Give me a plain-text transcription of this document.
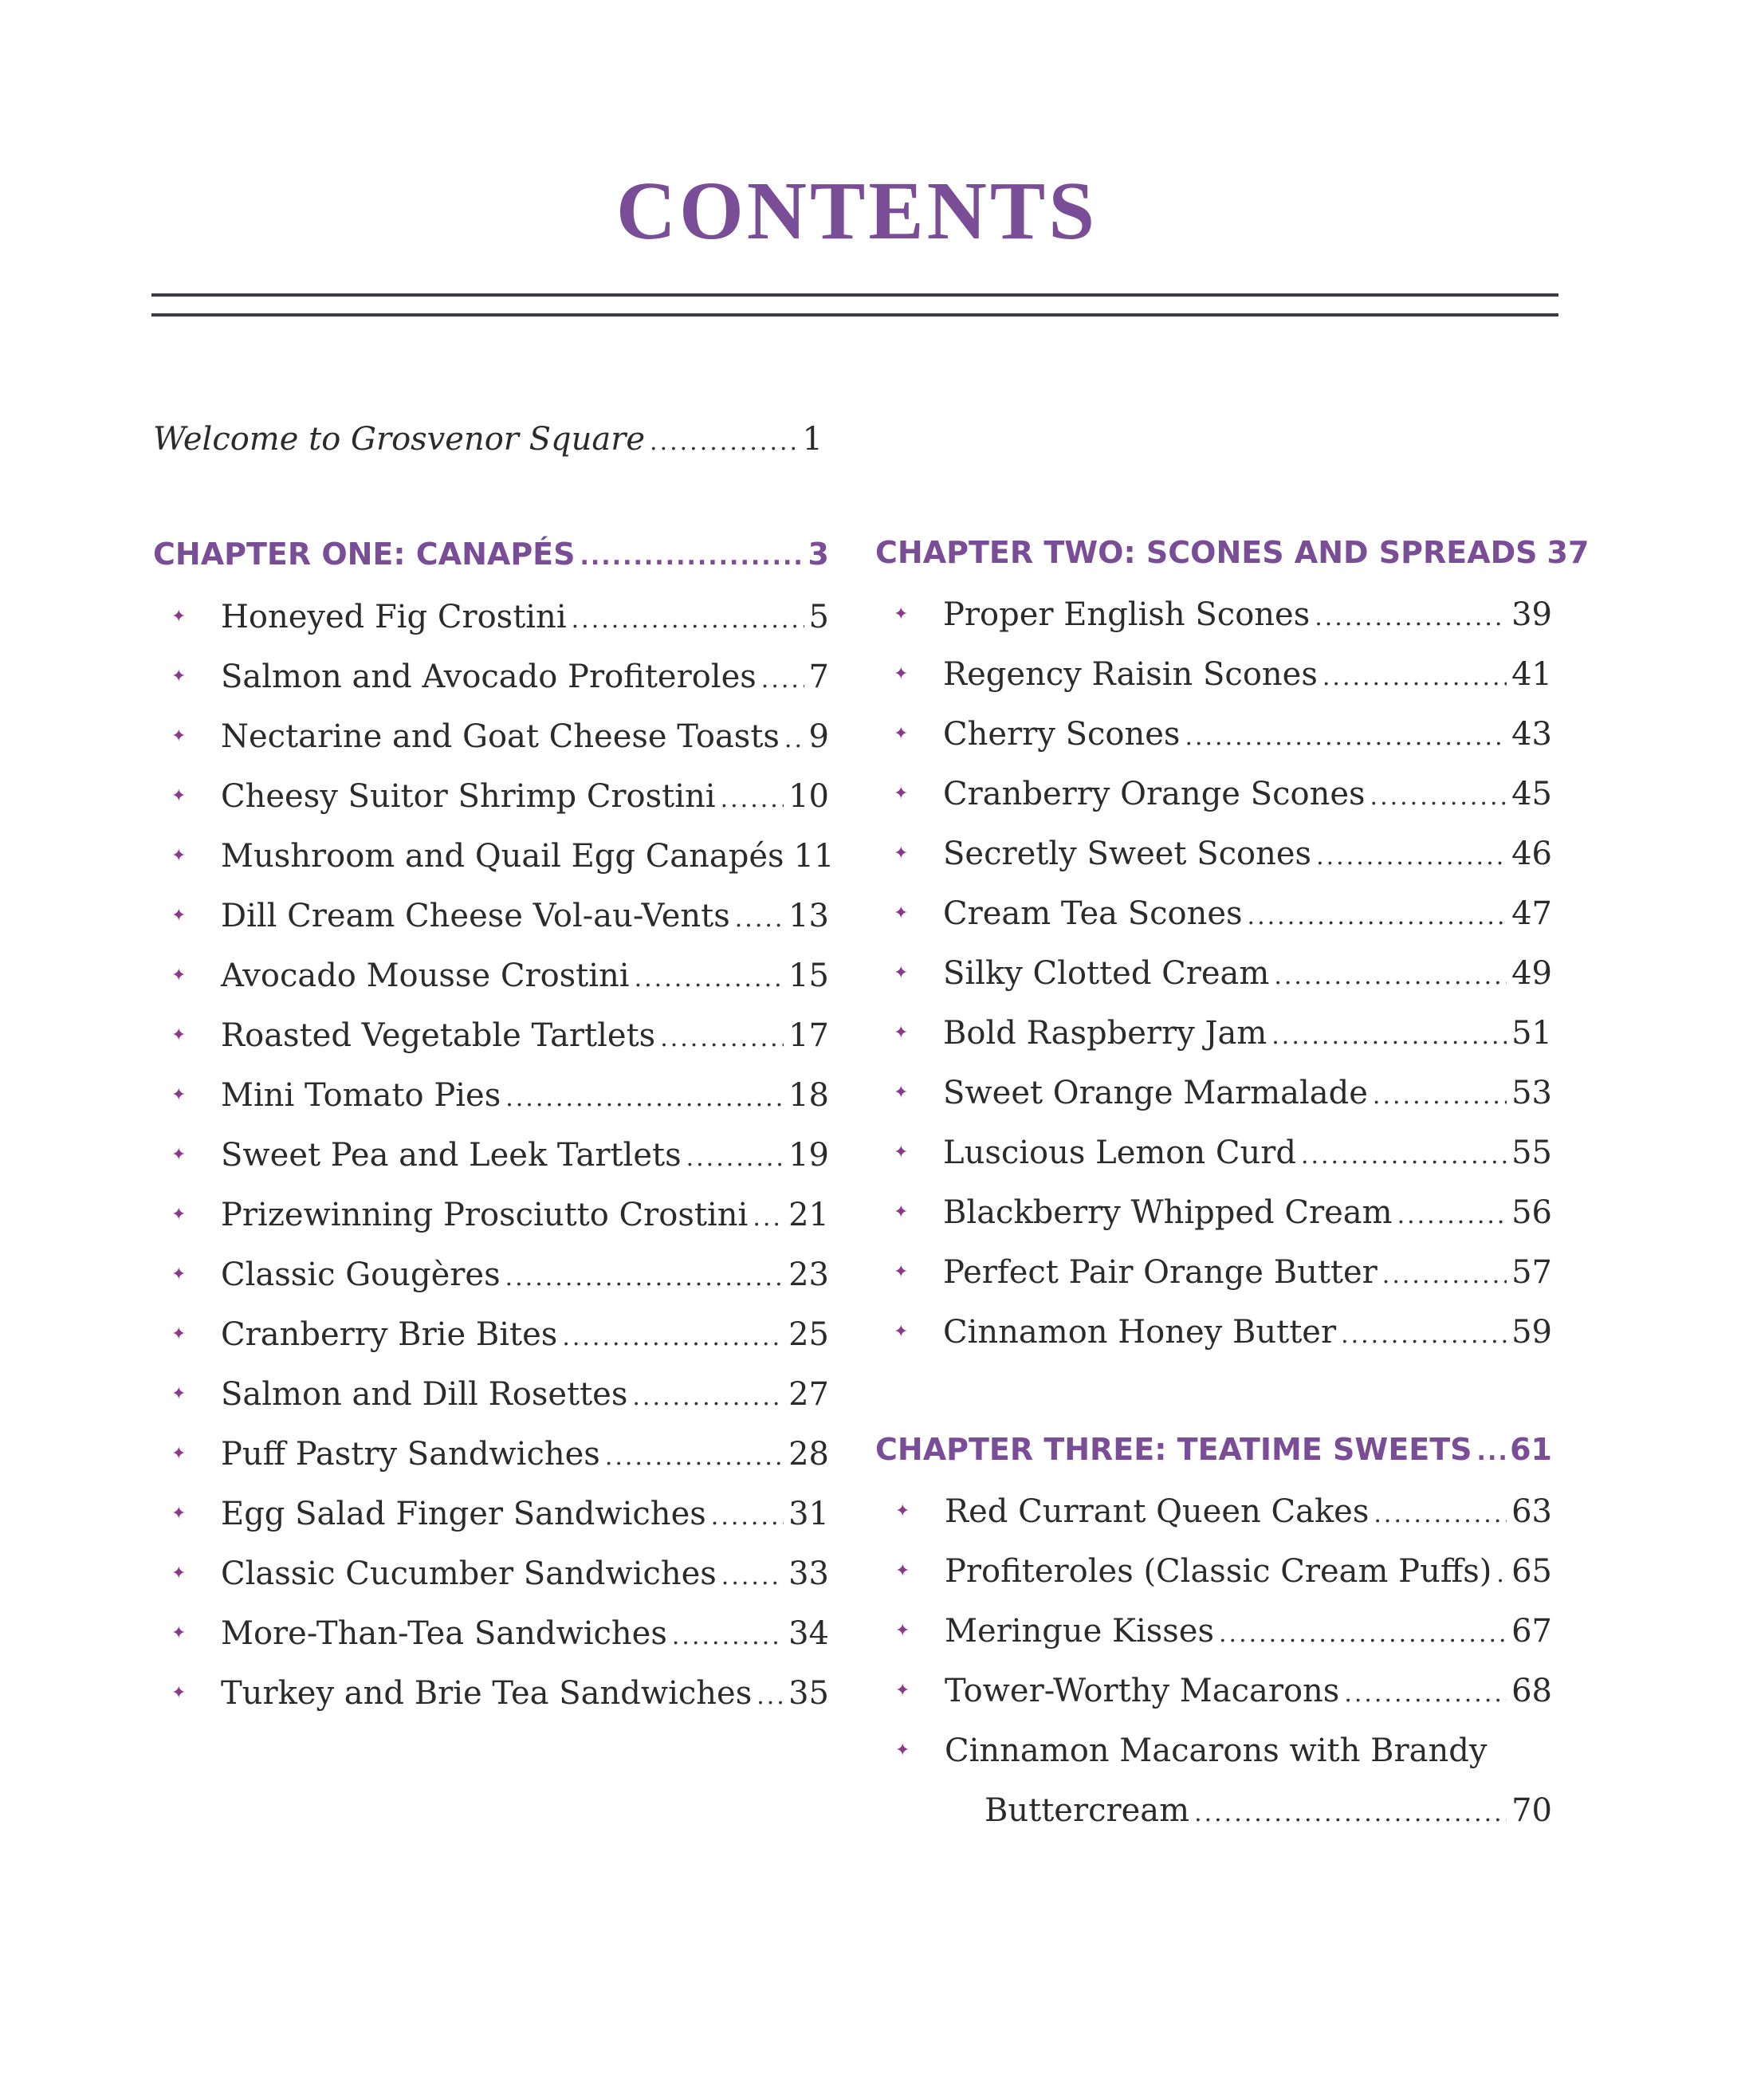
CONTENTS
Welcome to Grosvenor Square .....	1
CHAPTER ONE: CANAPÉS .....	3
✦ Honeyed Fig Crostini .....	5
✦ Salmon and Avocado Profiteroles ..... 7
✦ Nectarine and Goat Cheese Toasts ..... 9
✦ Cheesy Suitor Shrimp Crostini ..... 10
✦ Mushroom and Quail Egg Canapés 11
✦ Dill Cream Cheese Vol-au-Vents ..... 13
✦ Avocado Mousse Crostini .....	15
✦ Roasted Vegetable Tartlets .....	17
✦ Mini Tomato Pies .....	18
✦ Sweet Pea and Leek Tartlets .....	19
✦ Prizewinning Prosciutto Crostini ..... 21
✦ Classic Gougères .....	23
✦ Cranberry Brie Bites .....	25
✦ Salmon and Dill Rosettes .....	27
✦ Puff Pastry Sandwiches .....	28
✦ Egg Salad Finger Sandwiches .....	31
✦ Classic Cucumber Sandwiches ..... 33
✦ More-Than-Tea Sandwiches .....	34
✦ Turkey and Brie Tea Sandwiches ..... 35
CHAPTER TWO: SCONES AND SPREADS 37
✦ Proper English Scones .....	39
✦ Regency Raisin Scones .....	41
✦ Cherry Scones .....	43
✦ Cranberry Orange Scones .....	45
✦ Secretly Sweet Scones .....	46
✦ Cream Tea Scones .....	47
✦ Silky Clotted Cream .....	49
✦ Bold Raspberry Jam .....	51
✦ Sweet Orange Marmalade .....	53
✦ Luscious Lemon Curd .....	55
✦ Blackberry Whipped Cream .....	56
✦ Perfect Pair Orange Butter .....	57
✦ Cinnamon Honey Butter .....	59
CHAPTER THREE: TEATIME SWEETS ..... 61
✦ Red Currant Queen Cakes .....	63
✦ Profiteroles (Classic Cream Puffs) ..... 65
✦ Meringue Kisses .....	67
✦ Tower-Worthy Macarons .....	68
✦ Cinnamon Macarons with Brandy
Buttercream .....	70
